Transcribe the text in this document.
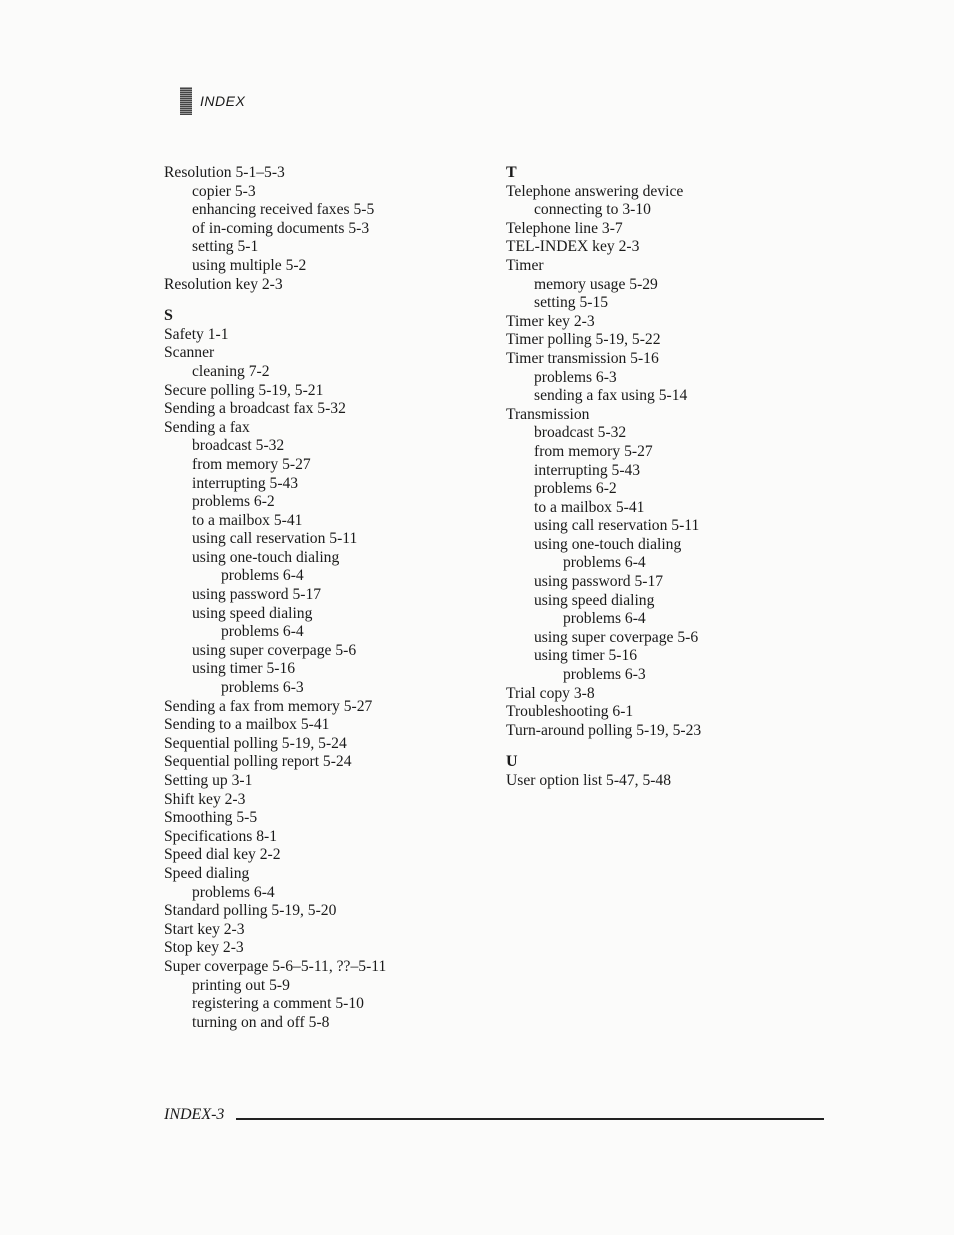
INDEX
Resolution 5-1–5-3
copier 5-3
enhancing received faxes 5-5
of in-coming documents 5-3
setting 5-1
using multiple 5-2
Resolution key 2-3
S
Safety 1-1
Scanner
cleaning 7-2
Secure polling 5-19, 5-21
Sending a broadcast fax 5-32
Sending a fax
broadcast 5-32
from memory 5-27
interrupting 5-43
problems 6-2
to a mailbox 5-41
using call reservation 5-11
using one-touch dialing
problems 6-4
using password 5-17
using speed dialing
problems 6-4
using super coverpage 5-6
using timer 5-16
problems 6-3
Sending a fax from memory 5-27
Sending to a mailbox 5-41
Sequential polling 5-19, 5-24
Sequential polling report 5-24
Setting up 3-1
Shift key 2-3
Smoothing 5-5
Specifications 8-1
Speed dial key 2-2
Speed dialing
problems 6-4
Standard polling 5-19, 5-20
Start key 2-3
Stop key 2-3
Super coverpage 5-6–5-11, ??–5-11
printing out 5-9
registering a comment 5-10
turning on and off 5-8
T
Telephone answering device
connecting to 3-10
Telephone line 3-7
TEL-INDEX key 2-3
Timer
memory usage 5-29
setting 5-15
Timer key 2-3
Timer polling 5-19, 5-22
Timer transmission 5-16
problems 6-3
sending a fax using 5-14
Transmission
broadcast 5-32
from memory 5-27
interrupting 5-43
problems 6-2
to a mailbox 5-41
using call reservation 5-11
using one-touch dialing
problems 6-4
using password 5-17
using speed dialing
problems 6-4
using super coverpage 5-6
using timer 5-16
problems 6-3
Trial copy 3-8
Troubleshooting 6-1
Turn-around polling 5-19, 5-23
U
User option list 5-47, 5-48
INDEX-3
